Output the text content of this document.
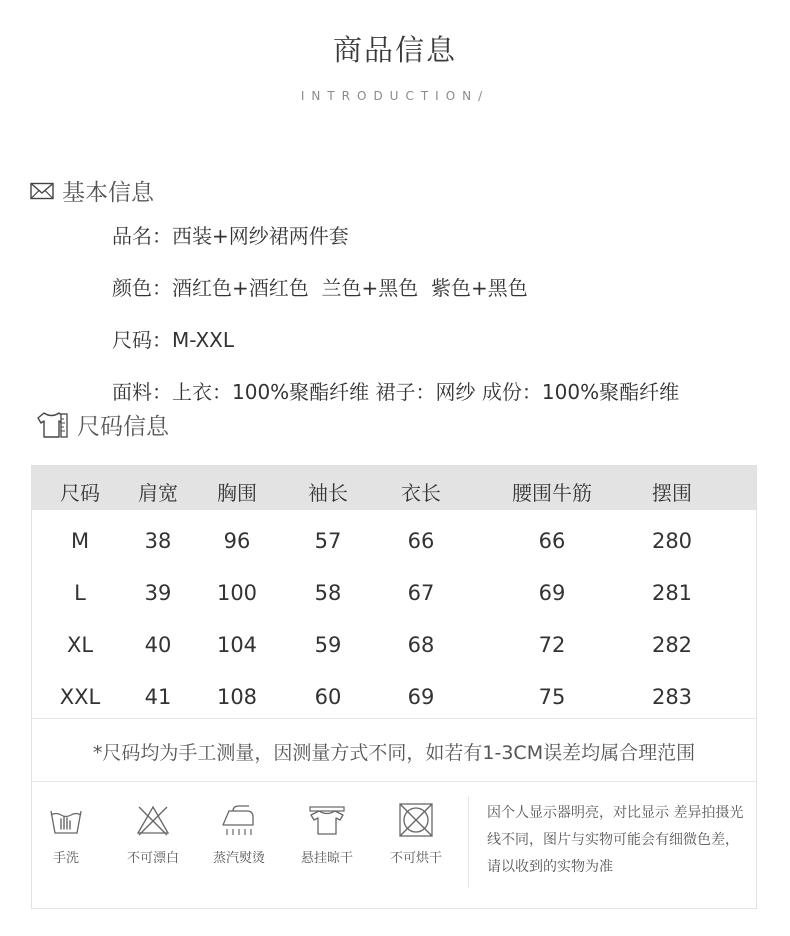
商品信息
INTRODUCTION/
基本信息
品名：西装+网纱裙两件套
颜色：酒红色+酒红色  兰色+黑色  紫色+黑色
尺码：M-XXL
面料：上衣：100%聚酯纤维 裙子：网纱 成份：100%聚酯纤维
尺码信息
尺码 肩宽 胸围	袖长	衣长	腰围牛筋	摆围
M	38 96	57	66	66	280
L	39 100	58	67	69	281
XL 40 104	59	68	72	282
XXL 41 108	60	69	75	283
*尺码均为手工测量，因测量方式不同，如若有1-3CM误差均属合理范围
手洗	不可漂白	蒸汽熨烫	悬挂晾干	不可烘干
因个人显示器明亮，对比显示 差异拍摄光线不同，图片与实物可能会有细微色差，请以收到的实物为准
